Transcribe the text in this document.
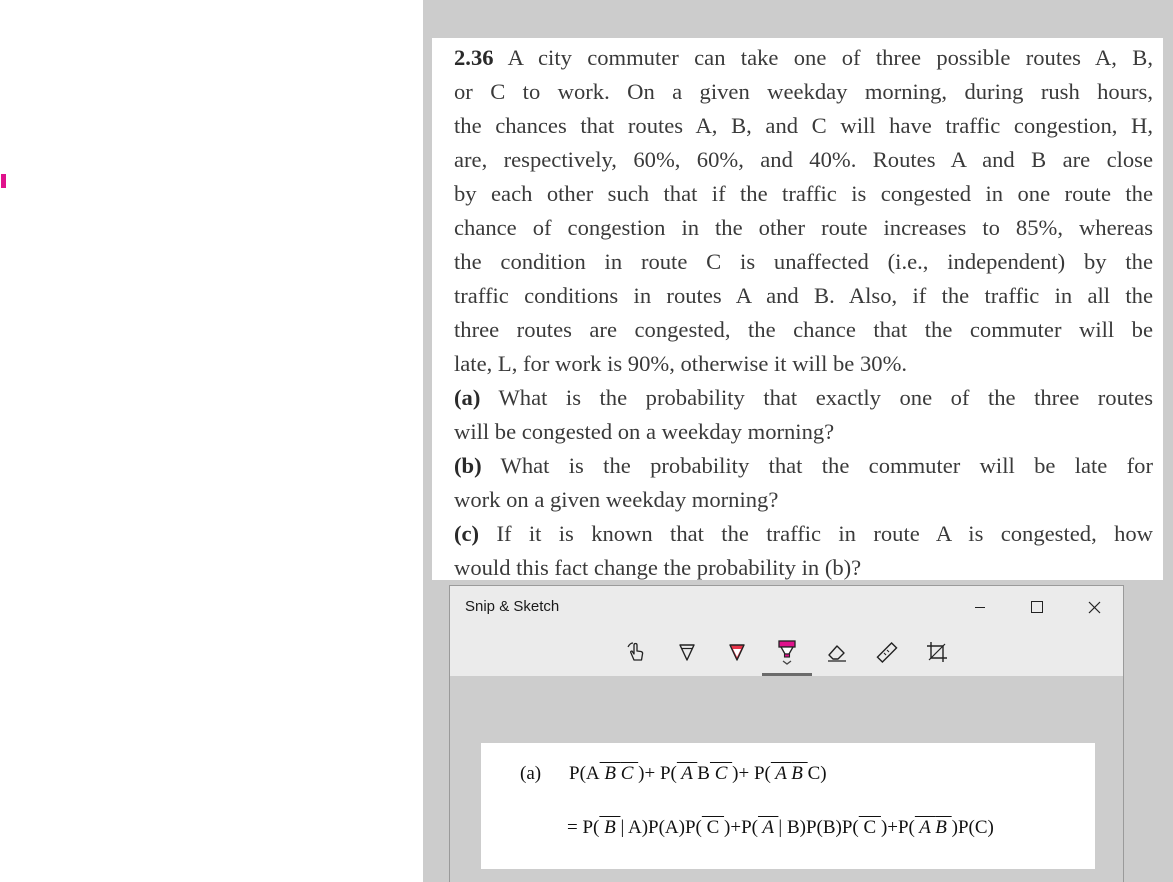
2.36 A city commuter can take one of three possible routes A, B,
or C to work. On a given weekday morning, during rush hours,
the chances that routes A, B, and C will have traffic congestion, H,
are, respectively, 60%, 60%, and 40%. Routes A and B are close
by each other such that if the traffic is congested in one route the
chance of congestion in the other route increases to 85%, whereas
the condition in route C is unaffected (i.e., independent) by the
traffic conditions in routes A and B. Also, if the traffic in all the
three routes are congested, the chance that the commuter will be
late, L, for work is 90%, otherwise it will be 30%.
(a) What is the probability that exactly one of the three routes
will be congested on a weekday morning?
(b) What is the probability that the commuter will be late for
work on a given weekday morning?
(c) If it is known that the traffic in route A is congested, how
would this fact change the probability in (b)?
Snip & Sketch
(a) P(A B C )+ P( A B C )+ P( A B C)
= P( B | A)P(A)P( C )+P( A | B)P(B)P( C )+P( A B )P(C)
